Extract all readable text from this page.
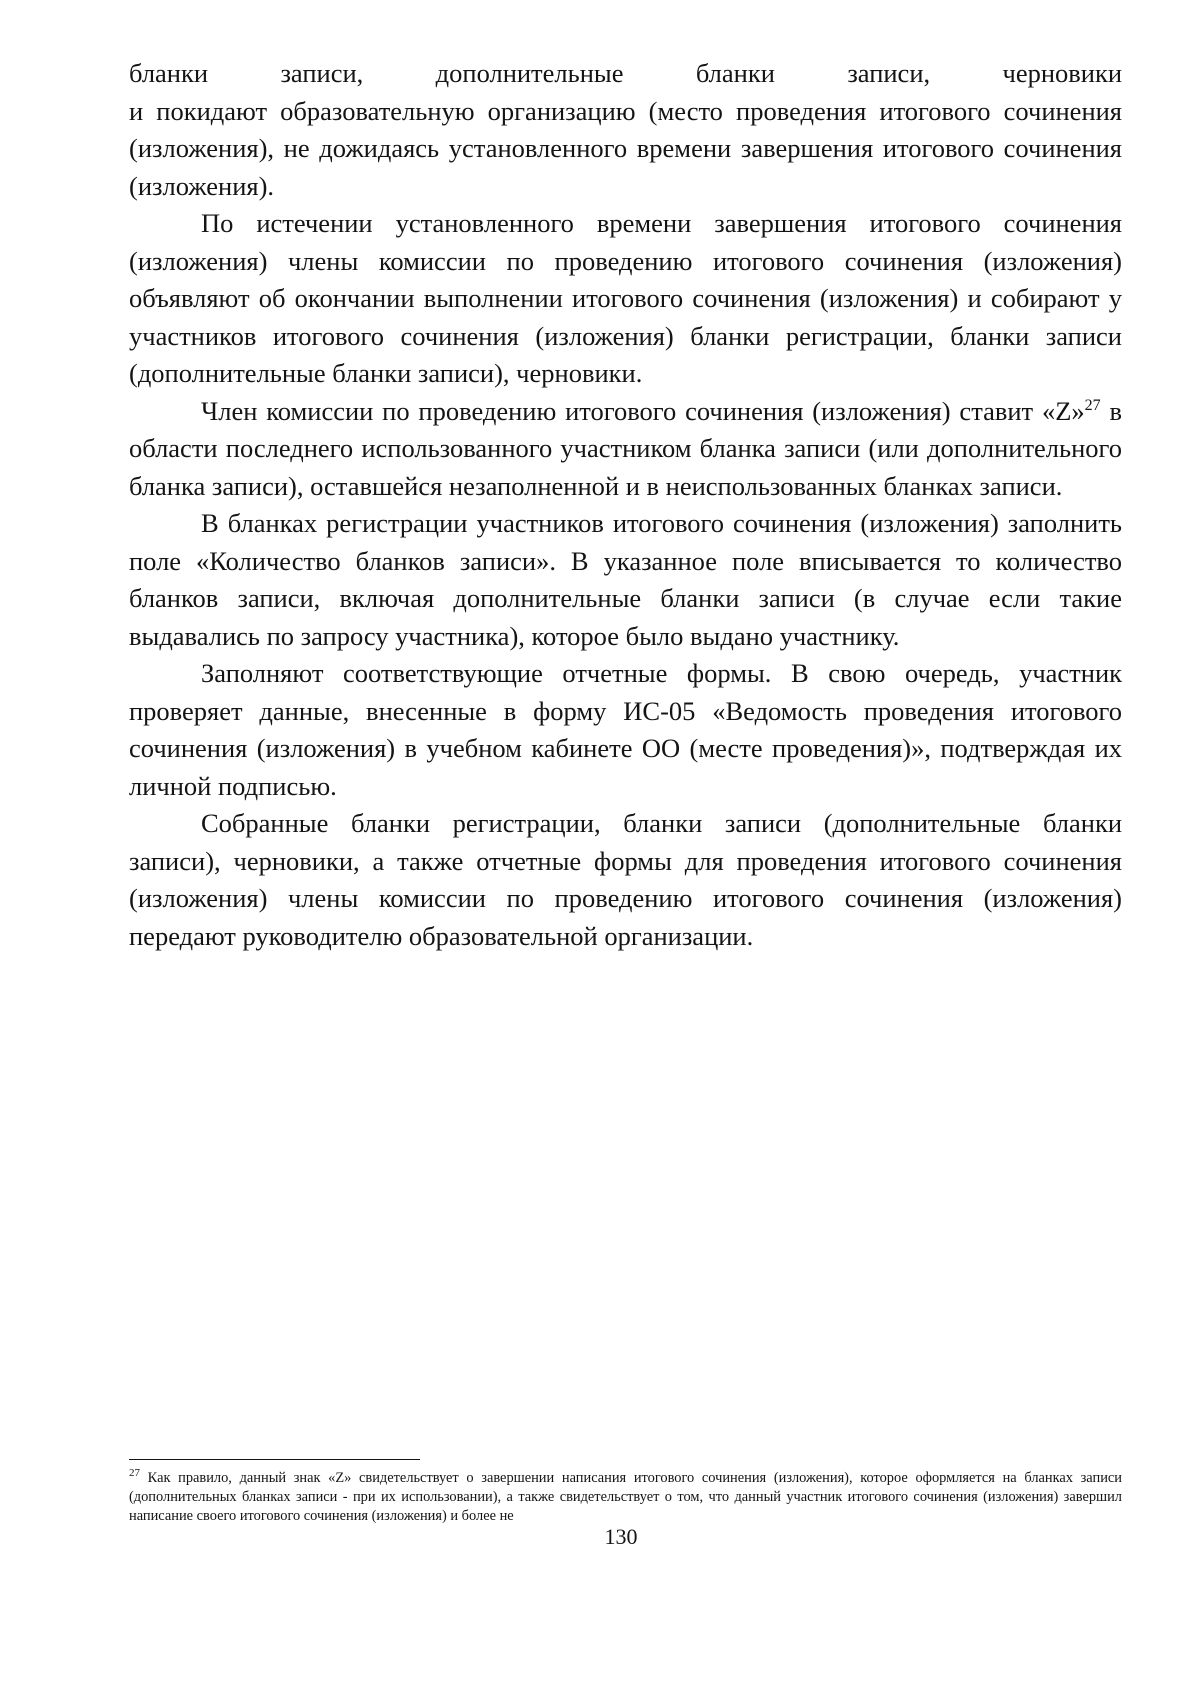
бланки	записи,	дополнительные	бланки	записи,	черновики

и покидают образовательную организацию (место проведения итогового сочинения (изложения), не дожидаясь установленного времени завершения итогового сочинения (изложения).

По истечении установленного времени завершения итогового сочинения (изложения) члены комиссии по проведению итогового сочинения (изложения) объявляют об окончании выполнении итогового сочинения (изложения) и собирают у участников итогового сочинения (изложения) бланки регистрации, бланки записи (дополнительные бланки записи), черновики.

Член комиссии по проведению итогового сочинения (изложения) ставит «Z»$^{27}$ в области последнего использованного участником бланка записи (или дополнительного бланка записи), оставшейся незаполненной и в неиспользованных бланках записи.

В бланках регистрации участников итогового сочинения (изложения) заполнить поле «Количество бланков записи». В указанное поле вписывается то количество бланков записи, включая дополнительные бланки записи (в случае если такие выдавались по запросу участника), которое было выдано участнику.

Заполняют соответствующие отчетные формы. В свою очередь, участник проверяет данные, внесенные в форму ИС-05 «Ведомость проведения итогового сочинения (изложения) в учебном кабинете ОО (месте проведения)», подтверждая их личной подписью.

Собранные бланки регистрации, бланки записи (дополнительные бланки записи), черновики, а также отчетные формы для проведения итогового сочинения (изложения) члены комиссии по проведению итогового сочинения (изложения) передают руководителю образовательной организации.

$^{27}$ Как правило, данный знак «Z» свидетельствует о завершении написания итогового сочинения (изложения), которое оформляется на бланках записи (дополнительных бланках записи - при их использовании), а также свидетельствует о том, что данный участник итогового сочинения (изложения) завершил написание своего итогового сочинения (изложения) и более не

130
